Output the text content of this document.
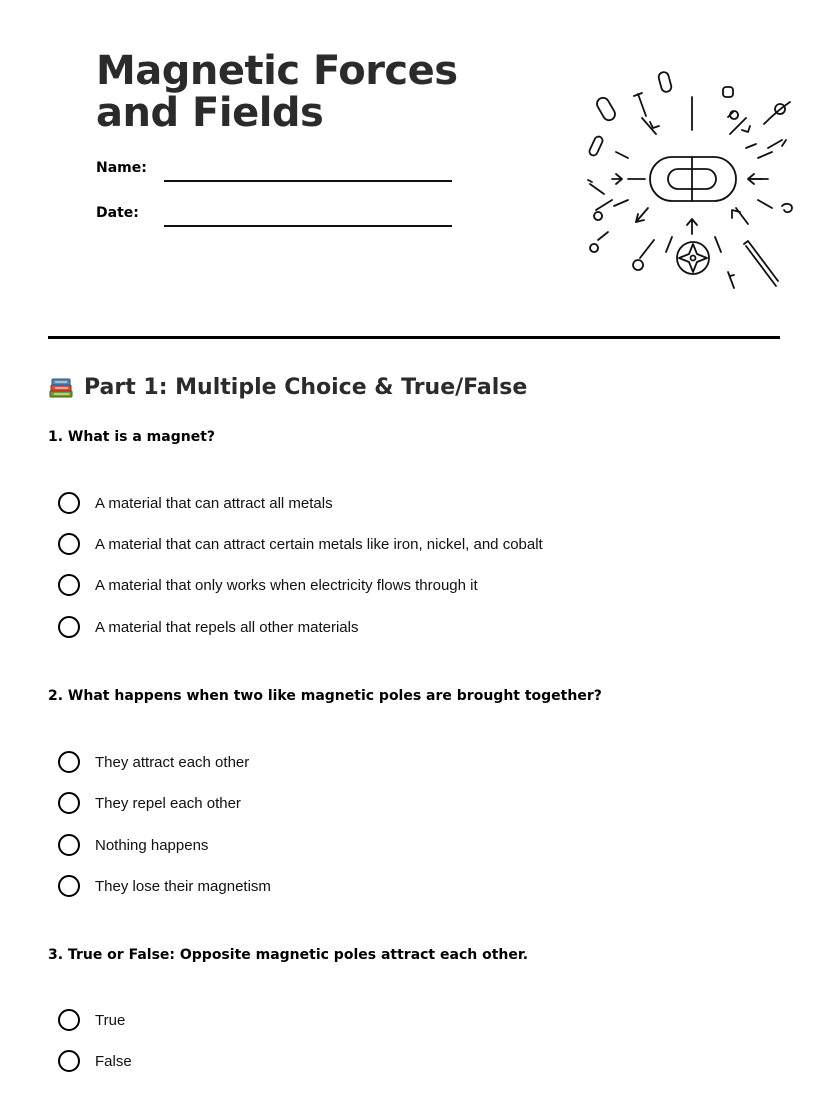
Magnetic Forces and Fields
Name:
Date:
Part 1: Multiple Choice & True/False
1. What is a magnet?
A material that can attract all metals
A material that can attract certain metals like iron, nickel, and cobalt
A material that only works when electricity flows through it
A material that repels all other materials
2. What happens when two like magnetic poles are brought together?
They attract each other
They repel each other
Nothing happens
They lose their magnetism
3. True or False: Opposite magnetic poles attract each other.
True
False
